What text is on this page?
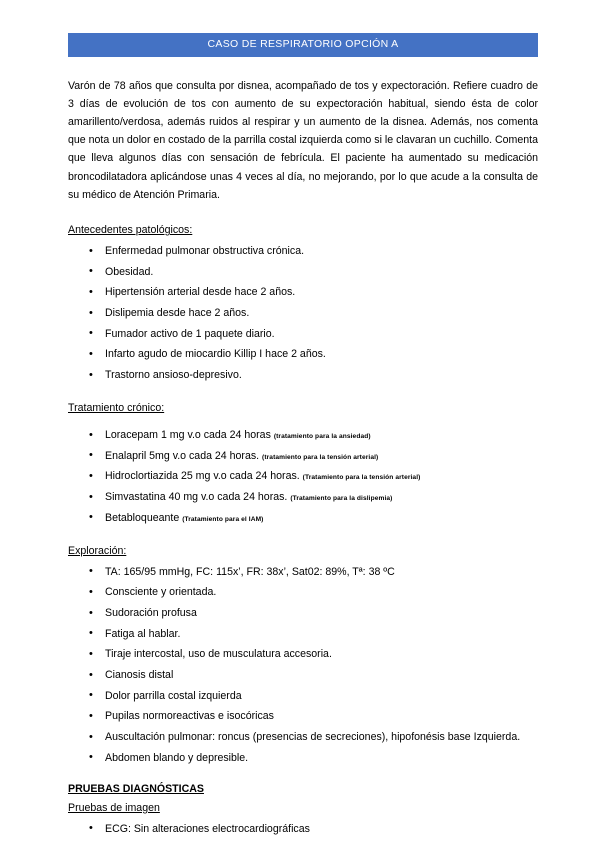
CASO DE RESPIRATORIO OPCIÓN A

Varón de 78 años que consulta por disnea, acompañado de tos y expectoración. Refiere cuadro de 3 días de evolución de tos con aumento de su expectoración habitual, siendo ésta de color amarillento/verdosa, además ruidos al respirar y un aumento de la disnea. Además, nos comenta que nota un dolor en costado de la parrilla costal izquierda como si le clavaran un cuchillo. Comenta que lleva algunos días con sensación de febrícula. El paciente ha aumentado su medicación broncodilatadora aplicándose unas 4 veces al día, no mejorando, por lo que acude a la consulta de su médico de Atención Primaria.

Antecedentes patológicos:
• Enfermedad pulmonar obstructiva crónica.
• Obesidad.
• Hipertensión arterial desde hace 2 años.
• Dislipemia desde hace 2 años.
• Fumador activo de 1 paquete diario.
• Infarto agudo de miocardio Killip I hace 2 años.
• Trastorno ansioso-depresivo.
Tratamiento crónico:
• Loracepam 1 mg v.o cada 24 horas (tratamiento para la ansiedad)
• Enalapril 5mg v.o cada 24 horas. (tratamiento para la tensión arterial)
• Hidroclortiazida 25 mg v.o cada 24 horas. (Tratamiento para la tensión arterial)
• Simvastatina 40 mg v.o cada 24 horas. (Tratamiento para la dislipemia)
• Betabloqueante (Tratamiento para el IAM)
Exploración:
• TA: 165/95 mmHg, FC: 115x’, FR: 38x’, Sat02: 89%, Tª: 38 ºC
• Consciente y orientada.
• Sudoración profusa
• Fatiga al hablar.
• Tiraje intercostal, uso de musculatura accesoria.
• Cianosis distal
• Dolor parrilla costal izquierda
• Pupilas normoreactivas e isocóricas
• Auscultación pulmonar: roncus (presencias de secreciones), hipofonésis base Izquierda.
• Abdomen blando y depresible.
PRUEBAS DIAGNÓSTICAS
Pruebas de imagen
• ECG: Sin alteraciones electrocardiográficas
